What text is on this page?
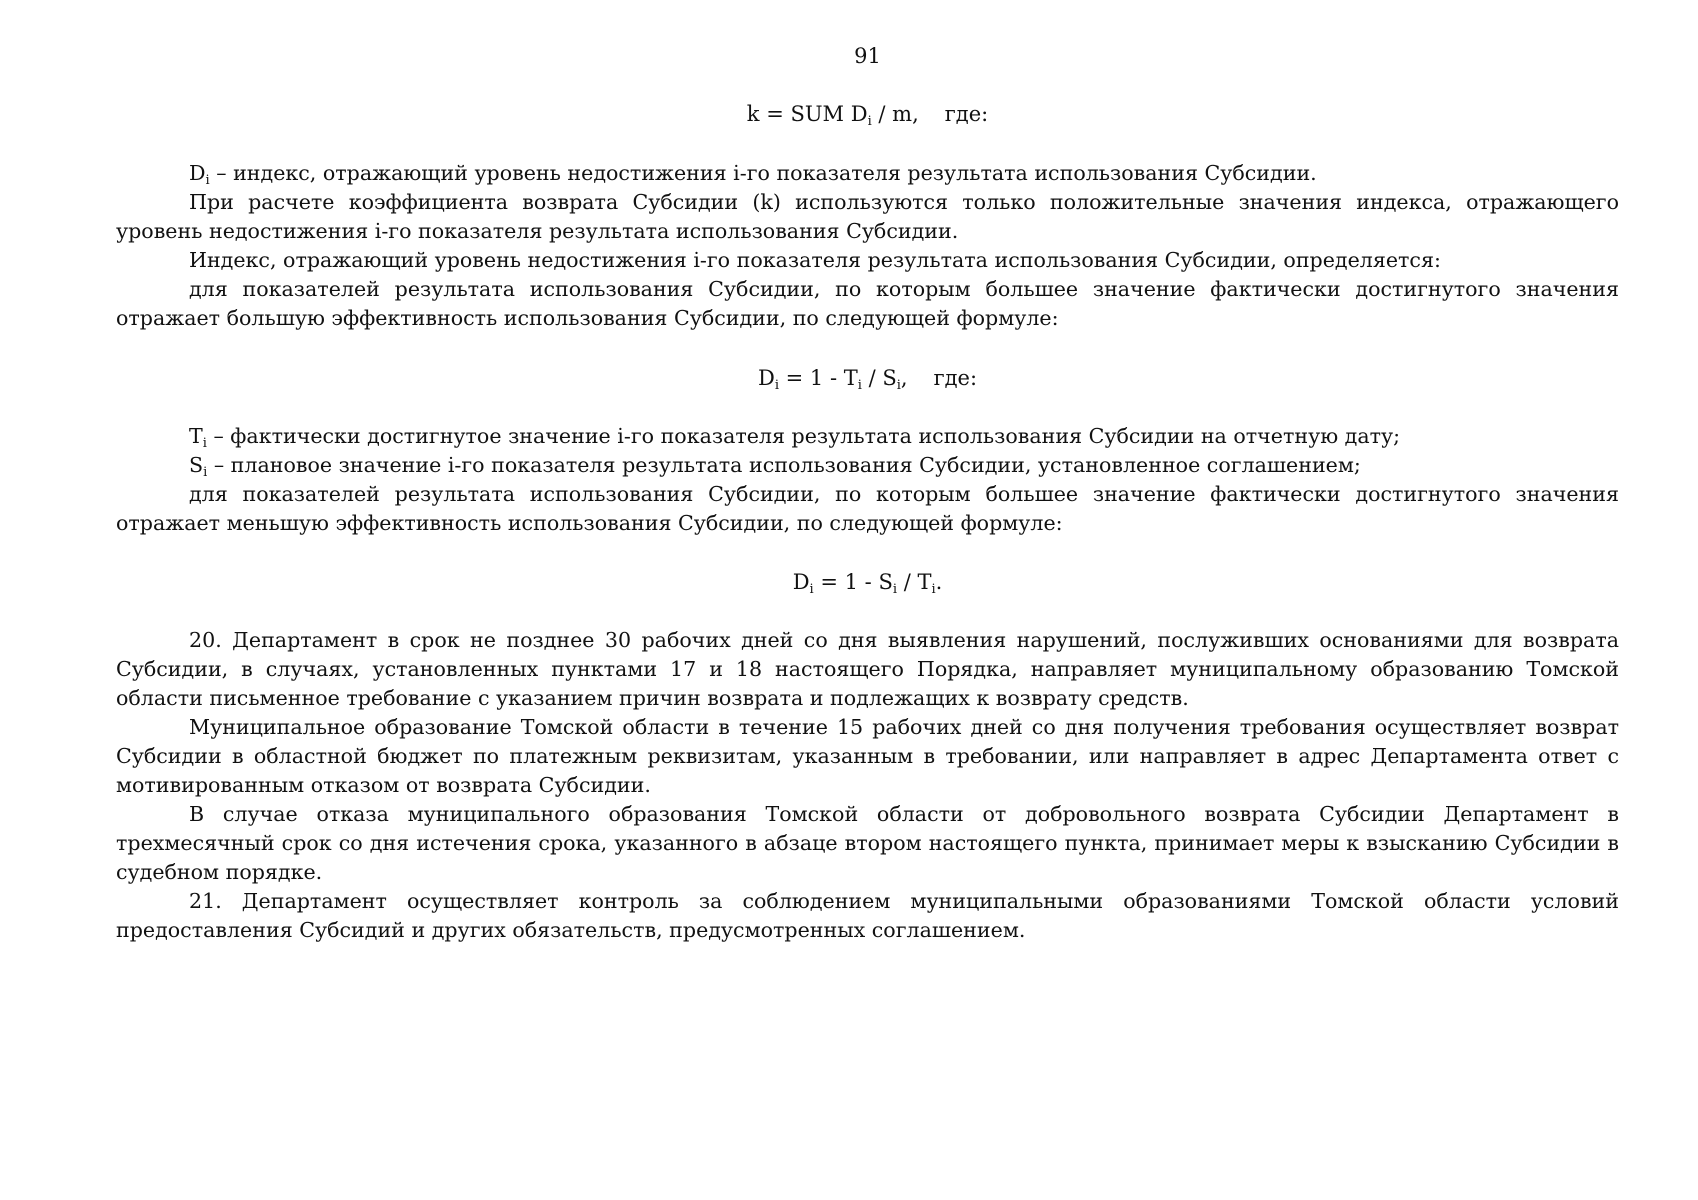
91
k = SUM $D_i$ / m, где:

$D_i$ – индекс, отражающий уровень недостижения i-го показателя результата использования Субсидии.

При расчете коэффициента возврата Субсидии (k) используются только положительные значения индекса, отражающего уровень недостижения i-го показателя результата использования Субсидии.

Индекс, отражающий уровень недостижения i-го показателя результата использования Субсидии, определяется:

для показателей результата использования Субсидии, по которым большее значение фактически достигнутого значения отражает большую эффективность использования Субсидии, по следующей формуле:

$D_i = 1 - T_i / S_i$, где:

$T_i$ – фактически достигнутое значение i-го показателя результата использования Субсидии на отчетную дату;

$S_i$ – плановое значение i-го показателя результата использования Субсидии, установленное соглашением;

для показателей результата использования Субсидии, по которым большее значение фактически достигнутого значения отражает меньшую эффективность использования Субсидии, по следующей формуле:

$D_i = 1 - S_i / T_i$.

20. Департамент в срок не позднее 30 рабочих дней со дня выявления нарушений, послуживших основаниями для возврата Субсидии, в случаях, установленных пунктами 17 и 18 настоящего Порядка, направляет муниципальному образованию Томской области письменное требование с указанием причин возврата и подлежащих к возврату средств.

Муниципальное образование Томской области в течение 15 рабочих дней со дня получения требования осуществляет возврат Субсидии в областной бюджет по платежным реквизитам, указанным в требовании, или направляет в адрес Департамента ответ с мотивированным отказом от возврата Субсидии.

В случае отказа муниципального образования Томской области от добровольного возврата Субсидии Департамент в трехмесячный срок со дня истечения срока, указанного в абзаце втором настоящего пункта, принимает меры к взысканию Субсидии в судебном порядке.

21. Департамент осуществляет контроль за соблюдением муниципальными образованиями Томской области условий предоставления Субсидий и других обязательств, предусмотренных соглашением.
